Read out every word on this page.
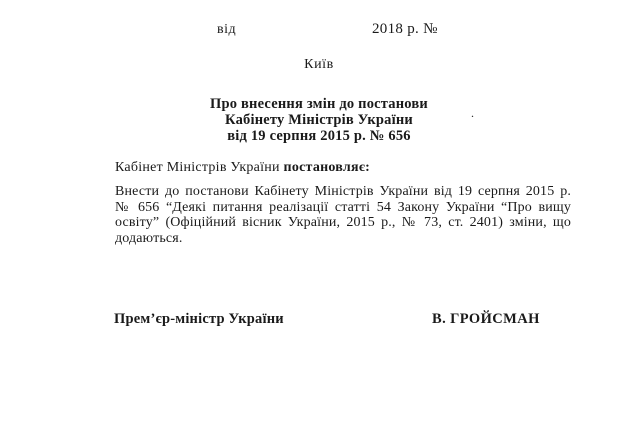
від	2018 р. №
Київ
Про внесення змін до постанови
Кабінету Міністрів України
від 19 серпня 2015 р. № 656
.
Кабінет Міністрів України постановляє:
Внести до постанови Кабінету Міністрів України від 19 серпня 2015 р.
№ 656 “Деякі питання реалізації статті 54 Закону України “Про вищу
освіту” (Офіційний вісник України, 2015 р., № 73, ст. 2401) зміни, що
додаються.
Прем’єр-міністр України	В. ГРОЙСМАН
